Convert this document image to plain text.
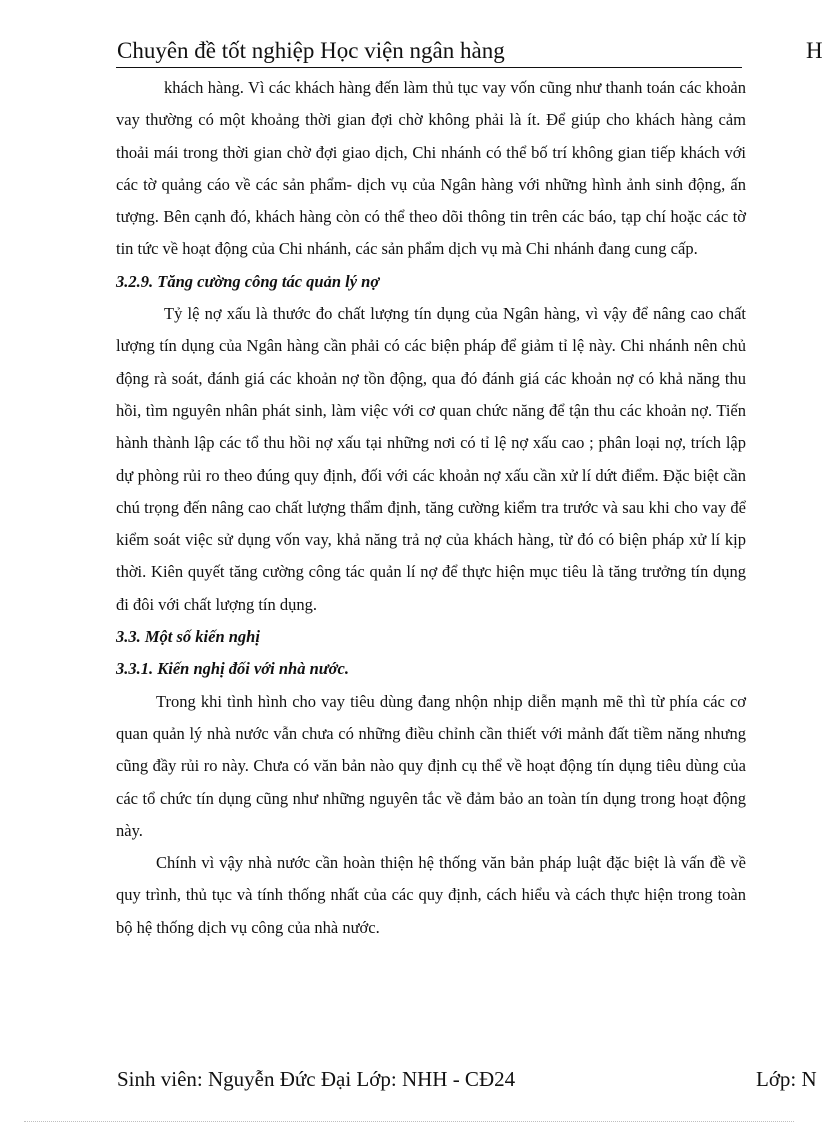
Chuyên đề tốt nghiệp Học viện ngân hàng	H

khách hàng. Vì các khách hàng đến làm thủ tục vay vốn cũng như thanh toán các khoản vay thường có một khoảng thời gian đợi chờ không phải là ít. Để giúp cho khách hàng cảm thoải mái trong thời gian chờ đợi giao dịch, Chi nhánh có thể bố trí không gian tiếp khách với các tờ quảng cáo về các sản phẩm- dịch vụ của Ngân hàng với những hình ảnh sinh động, ấn tượng. Bên cạnh đó, khách hàng còn có thể theo dõi thông tin trên các báo, tạp chí hoặc các tờ tin tức về hoạt động của Chi nhánh, các sản phẩm dịch vụ mà Chi nhánh đang cung cấp.

3.2.9. Tăng cường công tác quản lý nợ

Tỷ lệ nợ xấu là thước đo chất lượng tín dụng của Ngân hàng, vì vậy để nâng cao chất lượng tín dụng của Ngân hàng cần phải có các biện pháp để giảm tỉ lệ này. Chi nhánh nên chủ động rà soát, đánh giá các khoản nợ tồn động, qua đó đánh giá các khoản nợ có khả năng thu hồi, tìm nguyên nhân phát sinh, làm việc với cơ quan chức năng để tận thu các khoản nợ. Tiến hành thành lập các tổ thu hồi nợ xấu tại những nơi có tỉ lệ nợ xấu cao ; phân loại nợ, trích lập dự phòng rủi ro theo đúng quy định, đối với các khoản nợ xấu cần xử lí dứt điểm. Đặc biệt cần chú trọng đến nâng cao chất lượng thẩm định, tăng cường kiểm tra trước và sau khi cho vay để kiểm soát việc sử dụng vốn vay, khả năng trả nợ của khách hàng, từ đó có biện pháp xử lí kịp thời. Kiên quyết tăng cường công tác quản lí nợ để thực hiện mục tiêu là tăng trưởng tín dụng đi đôi với chất lượng tín dụng.

3.3. Một số kiến nghị
3.3.1. Kiến nghị đối với nhà nước.

Trong khi tình hình cho vay tiêu dùng đang nhộn nhịp diễn mạnh mẽ thì từ phía các cơ quan quản lý nhà nước vẫn chưa có những điều chỉnh cần thiết với mảnh đất tiềm năng nhưng cũng đầy rủi ro này. Chưa có văn bản nào quy định cụ thể về hoạt động tín dụng tiêu dùng của các tổ chức tín dụng cũng như những nguyên tắc về đảm bảo an toàn tín dụng trong hoạt động này.

Chính vì vậy nhà nước cần hoàn thiện hệ thống văn bản pháp luật đặc biệt là vấn đề về quy trình, thủ tục và tính thống nhất của các quy định, cách hiểu và cách thực hiện trong toàn bộ hệ thống dịch vụ công của nhà nước.

Sinh viên: Nguyễn Đức Đại Lớp: NHH - CĐ24	Lớp: N
